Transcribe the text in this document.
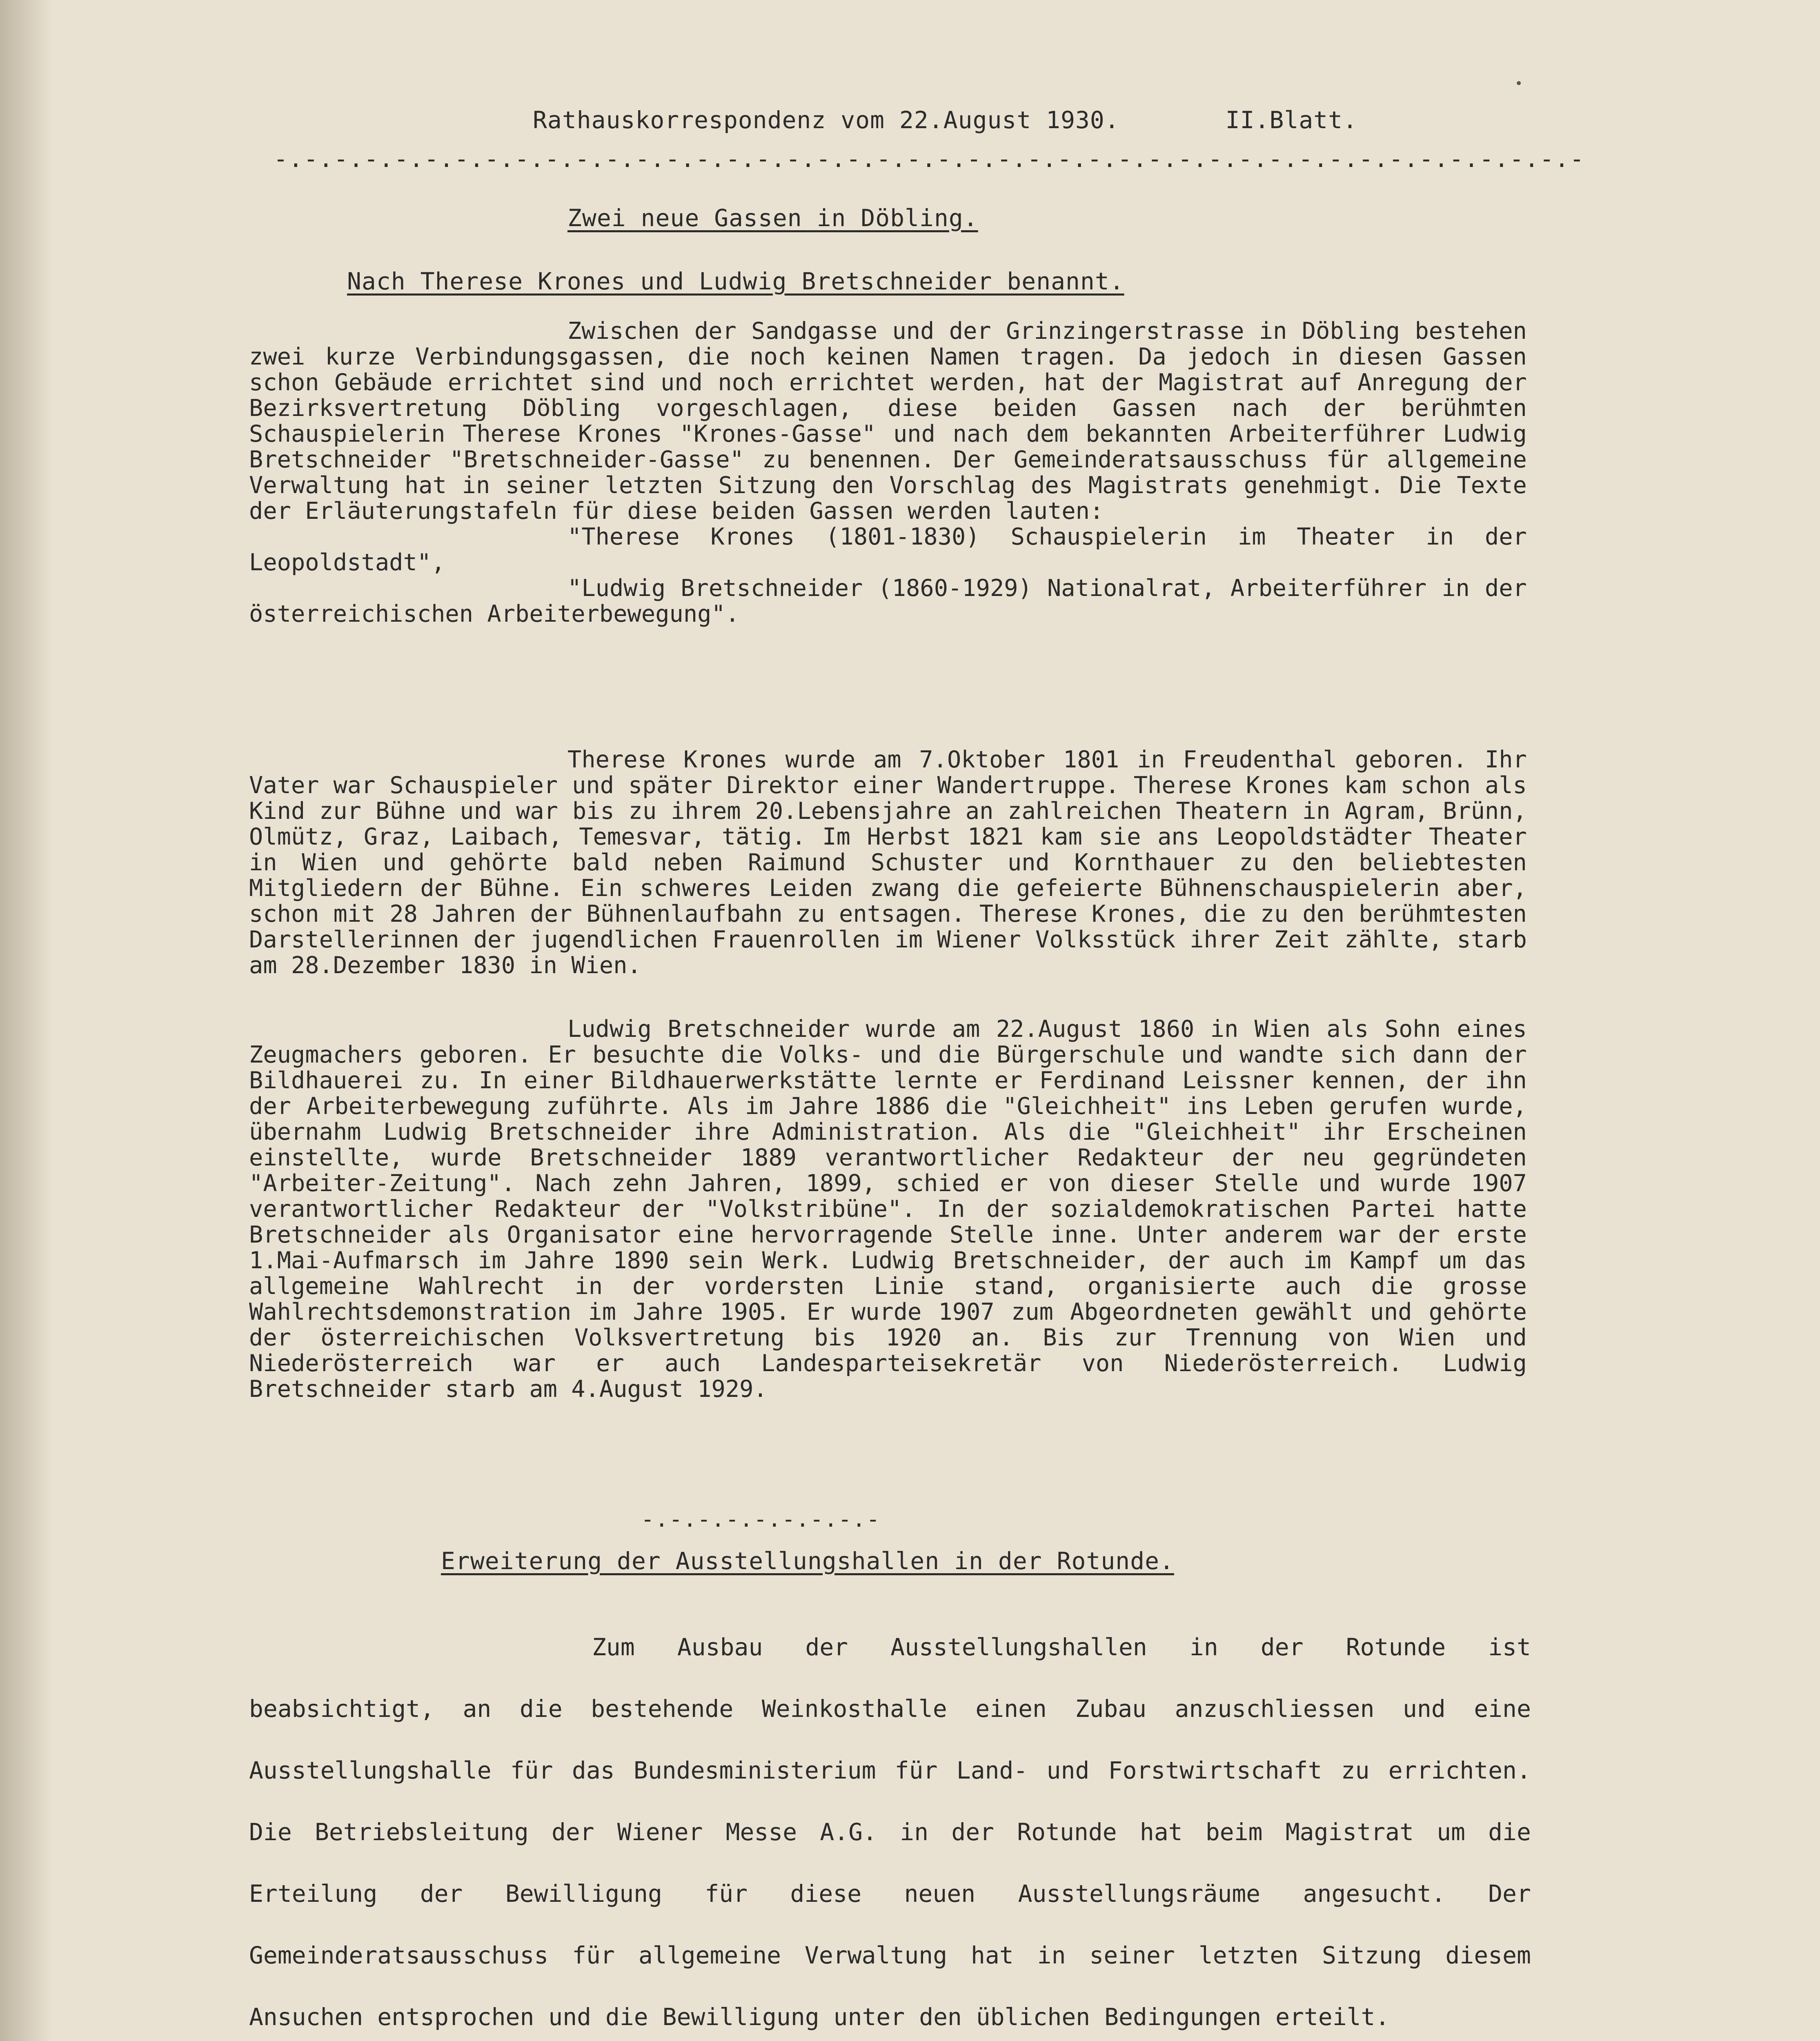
•
Rathauskorrespondenz vom 22.August 1930.	II.Blatt.
-.-.-.-.-.-.-.-.-.-.-.-.-.-.-.-.-.-.-.-.-.-.-.-.-.-.-.-.-.-.-.-.-.-.-.-.-.-.-.-.-.-.-.-
Zwei neue Gassen in Döbling.
Nach Therese Krones und Ludwig Bretschneider benannt.

Zwischen der Sandgasse und der Grinzingerstrasse in Döbling bestehen zwei kurze Verbindungsgassen, die noch keinen Namen tragen. Da jedoch in diesen Gassen schon Gebäude errichtet sind und noch errichtet werden, hat der Magistrat auf Anregung der Bezirksvertretung Döbling vorgeschlagen, diese beiden Gassen nach der berühmten Schauspielerin Therese Krones "Krones-Gasse" und nach dem bekannten Arbeiterführer Ludwig Bretschneider "Bretschneider-Gasse" zu benennen. Der Gemeinderatsausschuss für allgemeine Verwaltung hat in seiner letzten Sitzung den Vorschlag des Magistrats genehmigt. Die Texte der Erläuterungstafeln für diese beiden Gassen werden lauten:

"Therese Krones (1801-1830) Schauspielerin im Theater in der Leopoldstadt",

"Ludwig Bretschneider (1860-1929) Nationalrat, Arbeiterführer in der österreichischen Arbeiterbewegung".

Therese Krones wurde am 7.Oktober 1801 in Freudenthal geboren. Ihr Vater war Schauspieler und später Direktor einer Wandertruppe. Therese Krones kam schon als Kind zur Bühne und war bis zu ihrem 20.Lebensjahre an zahlreichen Theatern in Agram, Brünn, Olmütz, Graz, Laibach, Temesvar, tätig. Im Herbst 1821 kam sie ans Leopoldstädter Theater in Wien und gehörte bald neben Raimund Schuster und Kornthauer zu den beliebtesten Mitgliedern der Bühne. Ein schweres Leiden zwang die gefeierte Bühnenschauspielerin aber, schon mit 28 Jahren der Bühnenlaufbahn zu entsagen. Therese Krones, die zu den berühmtesten Darstellerinnen der jugendlichen Frauenrollen im Wiener Volksstück ihrer Zeit zählte, starb am 28.Dezember 1830 in Wien.

Ludwig Bretschneider wurde am 22.August 1860 in Wien als Sohn eines Zeugmachers geboren. Er besuchte die Volks- und die Bürgerschule und wandte sich dann der Bildhauerei zu. In einer Bildhauerwerkstätte lernte er Ferdinand Leissner kennen, der ihn der Arbeiterbewegung zuführte. Als im Jahre 1886 die "Gleichheit" ins Leben gerufen wurde, übernahm Ludwig Bretschneider ihre Administration. Als die "Gleichheit" ihr Erscheinen einstellte, wurde Bretschneider 1889 verantwortlicher Redakteur der neu gegründeten "Arbeiter-Zeitung". Nach zehn Jahren, 1899, schied er von dieser Stelle und wurde 1907 verantwortlicher Redakteur der "Volkstribüne". In der sozialdemokratischen Partei hatte Bretschneider als Organisator eine hervorragende Stelle inne. Unter anderem war der erste 1.Mai-Aufmarsch im Jahre 1890 sein Werk. Ludwig Bretschneider, der auch im Kampf um das allgemeine Wahlrecht in der vordersten Linie stand, organisierte auch die grosse Wahlrechtsdemonstration im Jahre 1905. Er wurde 1907 zum Abgeordneten gewählt und gehörte der österreichischen Volksvertretung bis 1920 an. Bis zur Trennung von Wien und Niederösterreich war er auch Landesparteisekretär von Niederösterreich. Ludwig Bretschneider starb am 4.August 1929.

-.-.-.-.-.-.-.-.-
Erweiterung der Ausstellungshallen in der Rotunde.

Zum Ausbau der Ausstellungshallen in der Rotunde ist beabsichtigt, an die bestehende Weinkosthalle einen Zubau anzuschliessen und eine Ausstellungshalle für das Bundesministerium für Land- und Forstwirtschaft zu errichten. Die Betriebsleitung der Wiener Messe A.G. in der Rotunde hat beim Magistrat um die Erteilung der Bewilligung für diese neuen Ausstellungsräume angesucht. Der Gemeinderatsausschuss für allgemeine Verwaltung hat in seiner letzten Sitzung diesem Ansuchen entsprochen und die Bewilligung unter den üblichen Bedingungen erteilt.
